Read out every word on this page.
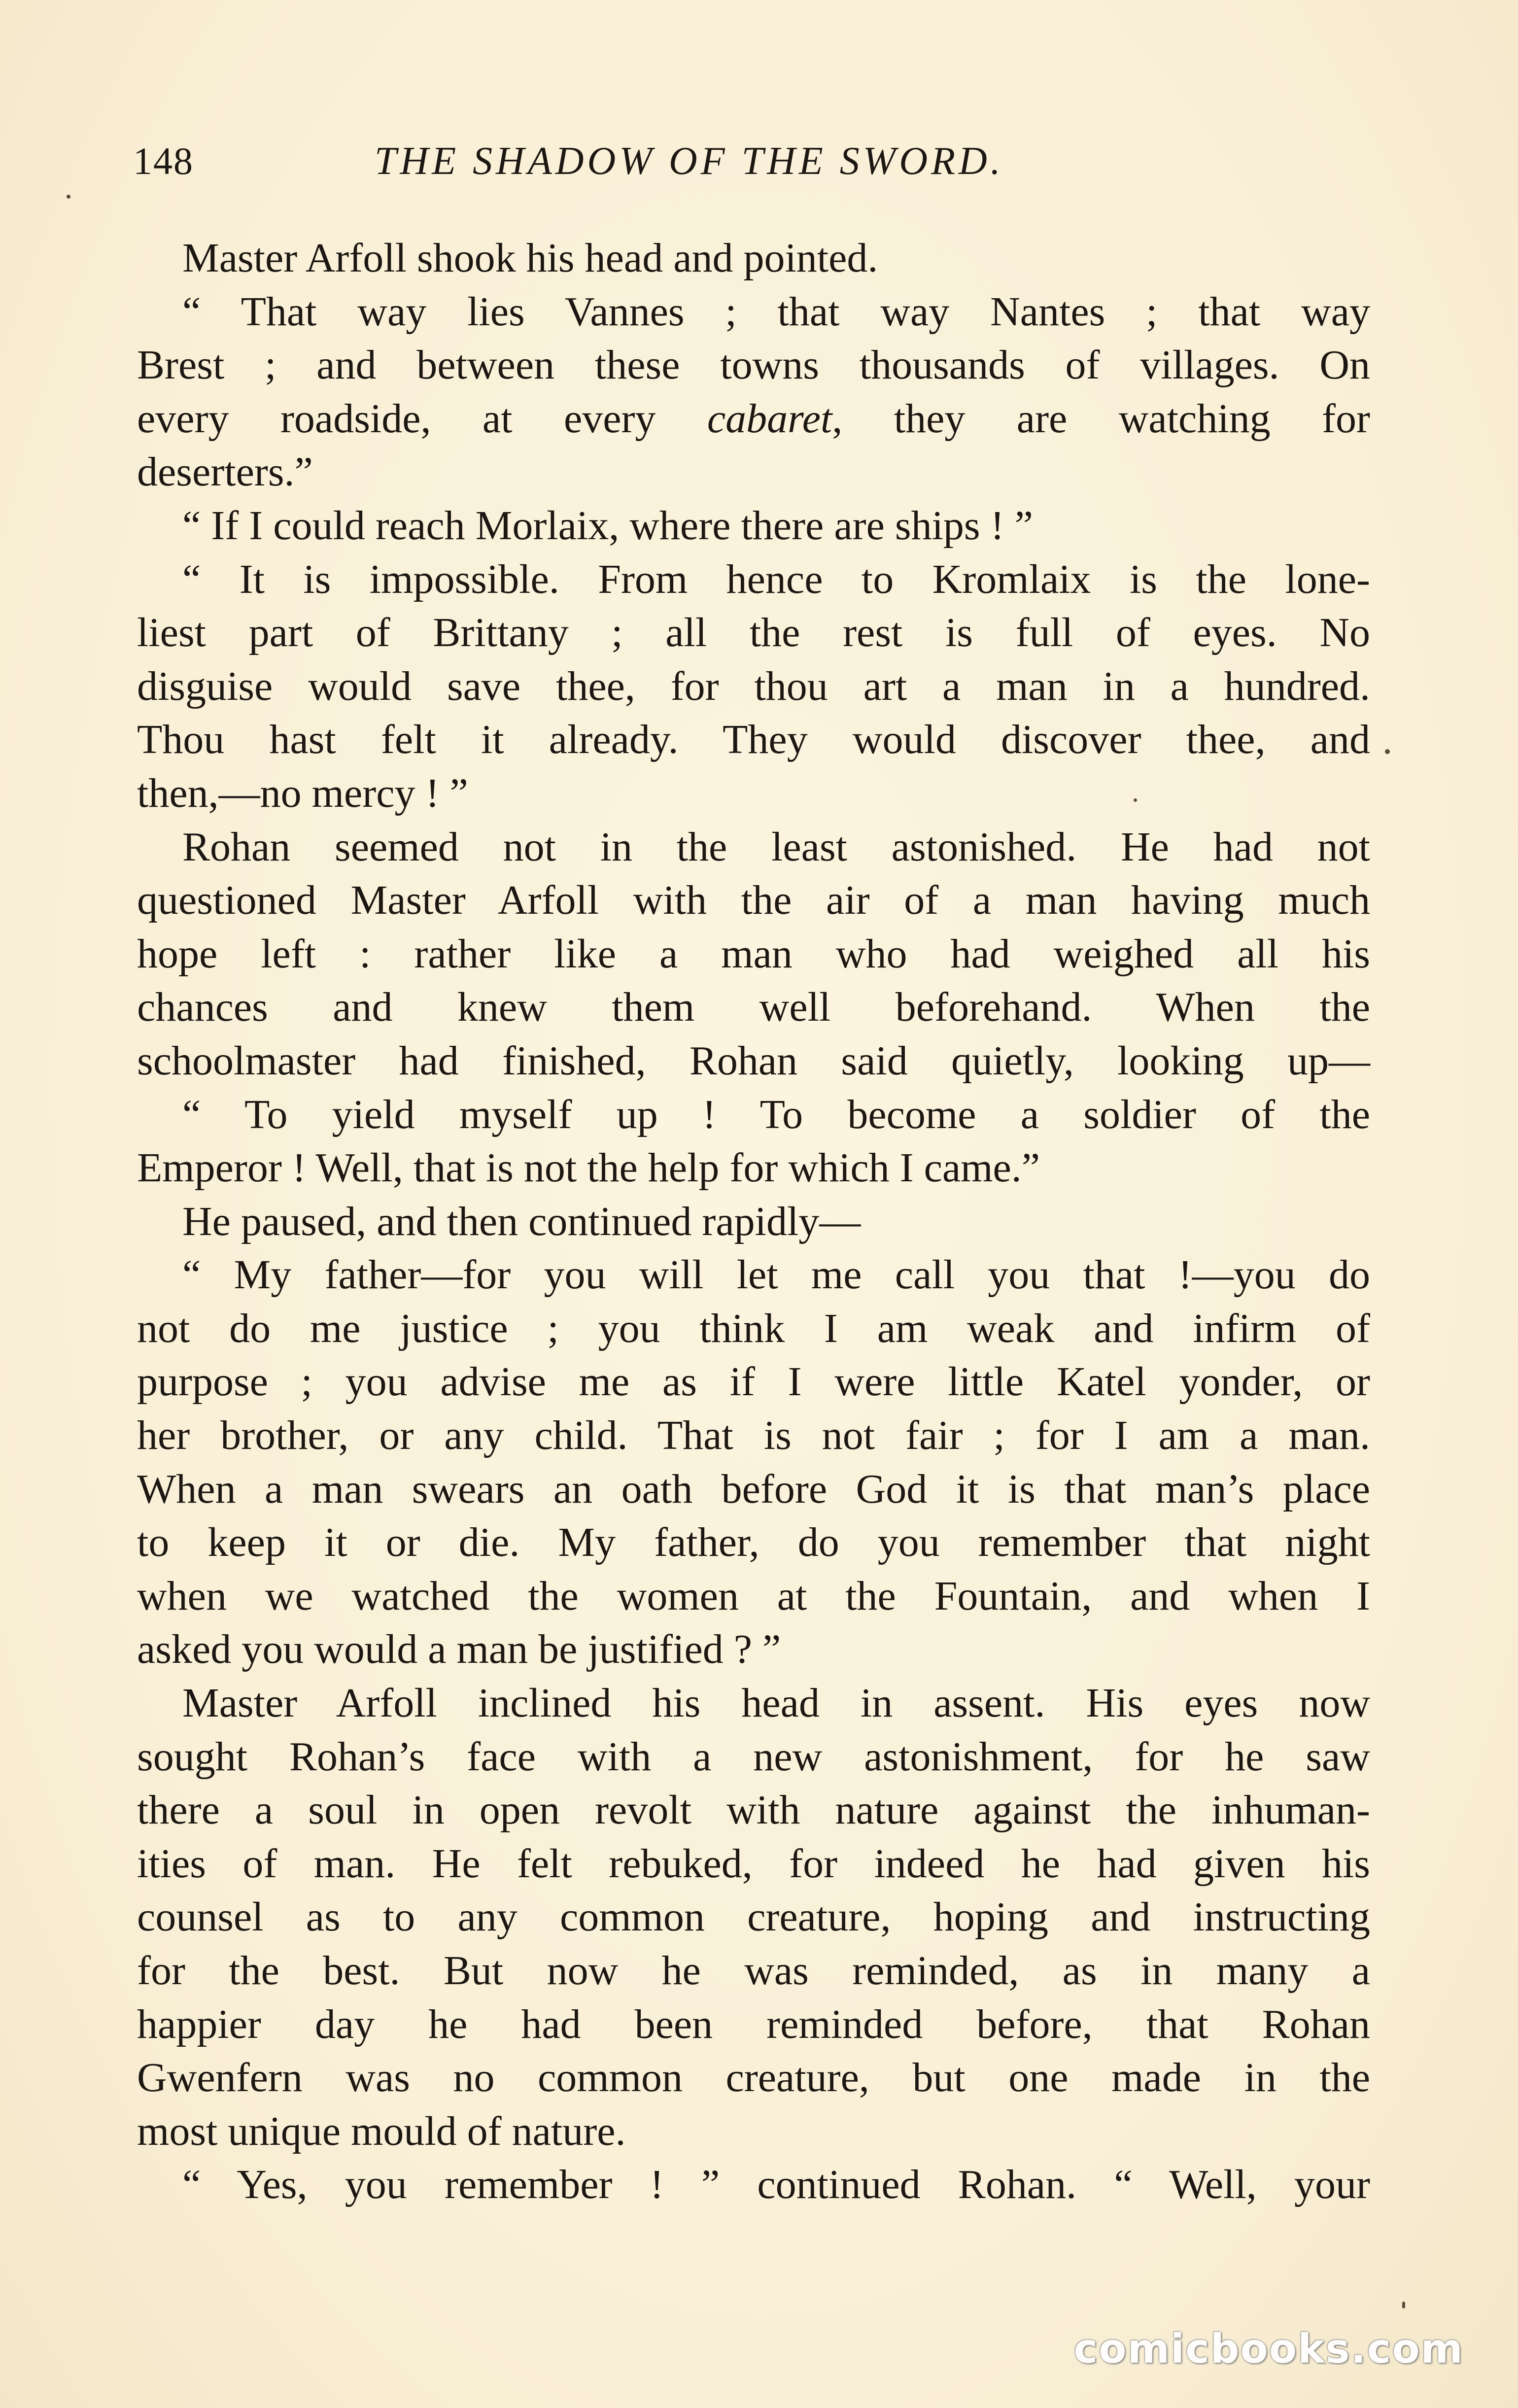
148	THE SHADOW OF THE SWORD.
Master Arfoll shook his head and pointed.
“ That way lies Vannes ; that way Nantes ; that way
Brest ; and between these towns thousands of villages. On
every roadside, at every cabaret, they are watching for
deserters.”
“ If I could reach Morlaix, where there are ships ! ”
“ It is impossible. From hence to Kromlaix is the lone-
liest part of Brittany ; all the rest is full of eyes. No
disguise would save thee, for thou art a man in a hundred.
Thou hast felt it already. They would discover thee, and
then,—no mercy ! ”
Rohan seemed not in the least astonished. He had not
questioned Master Arfoll with the air of a man having much
hope left : rather like a man who had weighed all his
chances and knew them well beforehand. When the
schoolmaster had finished, Rohan said quietly, looking up—
“ To yield myself up ! To become a soldier of the
Emperor ! Well, that is not the help for which I came.”
He paused, and then continued rapidly—
“ My father—for you will let me call you that !—you do
not do me justice ; you think I am weak and infirm of
purpose ; you advise me as if I were little Katel yonder, or
her brother, or any child. That is not fair ; for I am a man.
When a man swears an oath before God it is that man’s place
to keep it or die. My father, do you remember that night
when we watched the women at the Fountain, and when I
asked you would a man be justified ? ”
Master Arfoll inclined his head in assent. His eyes now
sought Rohan’s face with a new astonishment, for he saw
there a soul in open revolt with nature against the inhuman-
ities of man. He felt rebuked, for indeed he had given his
counsel as to any common creature, hoping and instructing
for the best. But now he was reminded, as in many a
happier day he had been reminded before, that Rohan
Gwenfern was no common creature, but one made in the
most unique mould of nature.
“ Yes, you remember ! ” continued Rohan. “ Well, your
comicbooks.com
